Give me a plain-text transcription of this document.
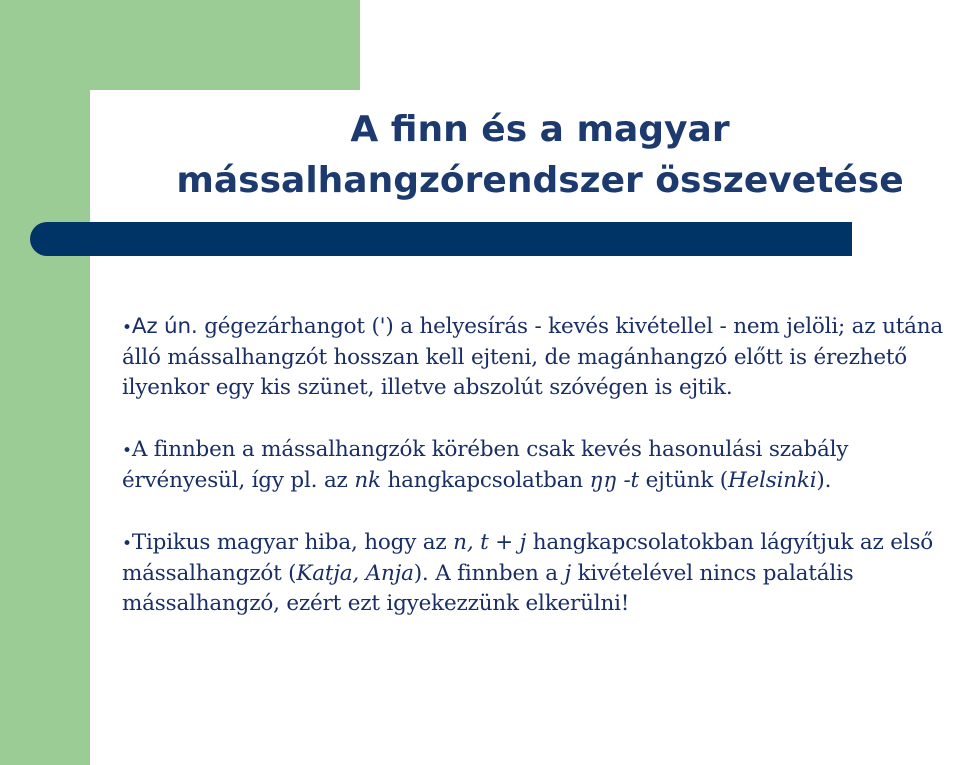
A finn és a magyar
mássalhangzórendszer összevetése

•Az ún. gégezárhangot (') a helyesírás - kevés kivétellel - nem jelöli; az utána álló mássalhangzót hosszan kell ejteni, de magánhangzó előtt is érezhető ilyenkor egy kis szünet, illetve abszolút szóvégen is ejtik.

•A finnben a mássalhangzók körében csak kevés hasonulási szabály érvényesül, így pl. az nk hangkapcsolatban ŋŋ -t ejtünk (Helsinki).

•Tipikus magyar hiba, hogy az n, t + j hangkapcsolatokban lágyítjuk az első mássalhangzót (Katja, Anja). A finnben a j kivételével nincs palatális mássalhangzó, ezért ezt igyekezzünk elkerülni!
